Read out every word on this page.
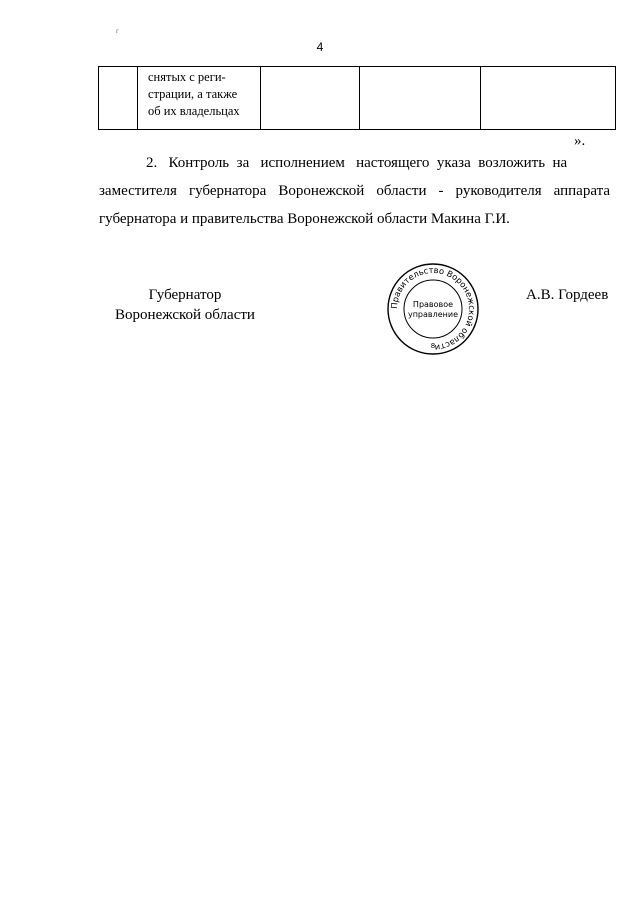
г
4

снятых с реги-
страции, а также
об их владельцах

».
2.   Контроль  за   исполнением   настоящего  указа  возложить  на
заместителя губернатора Воронежской области - руководителя аппарата
губернатора и правительства Воронежской области Макина Г.И.
Губернатор
Воронежской области
Правительство Воронежской области
Правовое
управление
8
А.В. Гордеев
